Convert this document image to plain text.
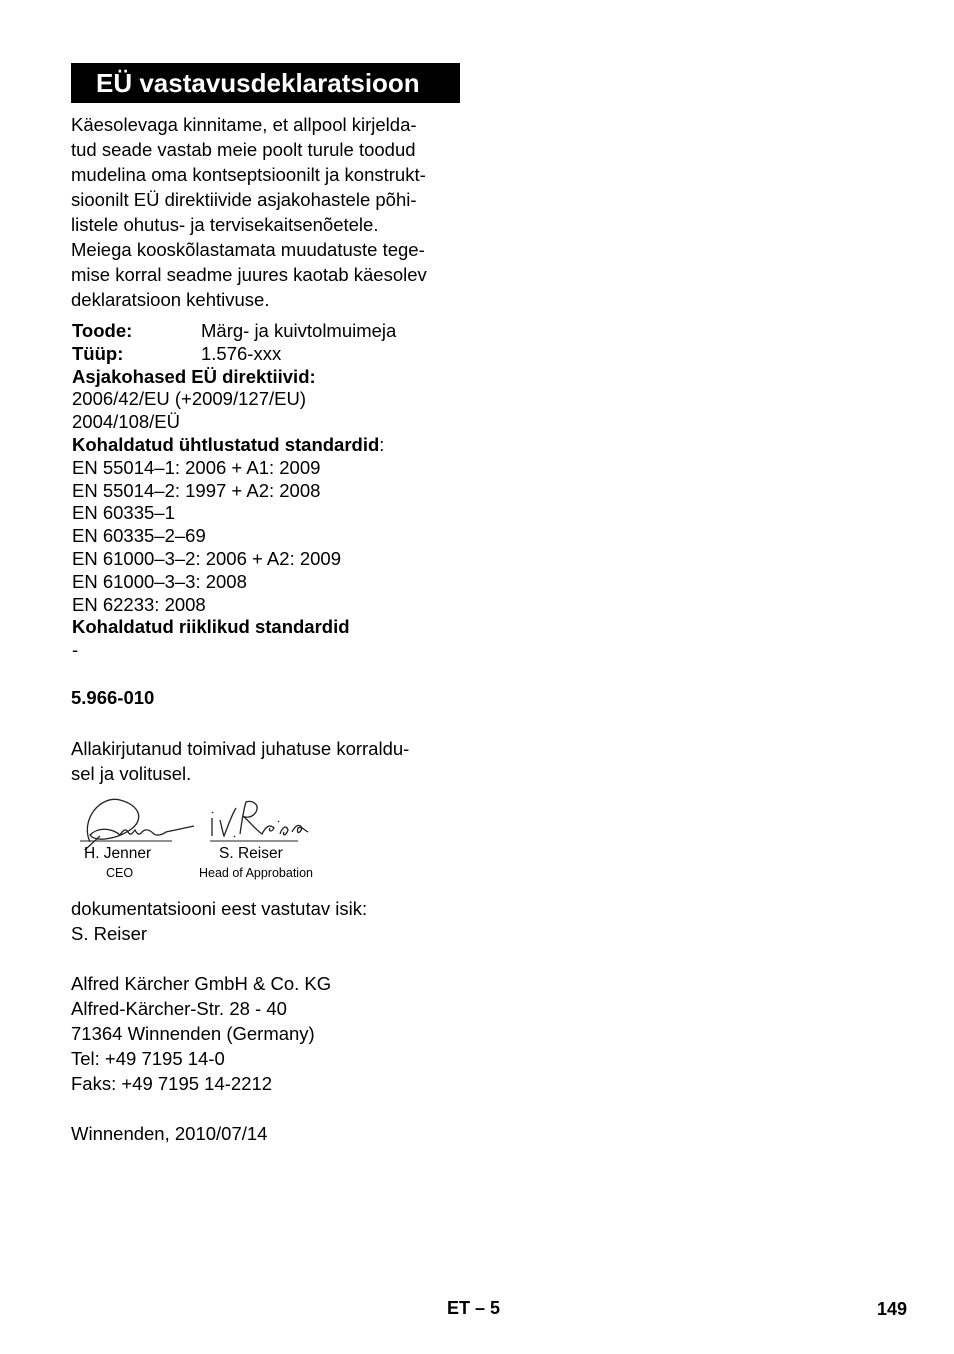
EÜ vastavusdeklaratsioon
Käesolevaga kinnitame, et allpool kirjelda-
tud seade vastab meie poolt turule toodud
mudelina oma kontseptsioonilt ja konstrukt-
sioonilt EÜ direktiivide asjakohastele põhi-
listele ohutus- ja tervisekaitsenõetele.
Meiega kooskõlastamata muudatuste tege-
mise korral seadme juures kaotab käesolev
deklaratsioon kehtivuse.
Toode:	Märg- ja kuivtolmuimeja
Tüüp:	1.576-xxx
Asjakohased EÜ direktiivid:
2006/42/EU (+2009/127/EU)
2004/108/EÜ
Kohaldatud ühtlustatud standardid:
EN 55014–1: 2006 + A1: 2009
EN 55014–2: 1997 + A2: 2008
EN 60335–1
EN 60335–2–69
EN 61000–3–2: 2006 + A2: 2009
EN 61000–3–3: 2008
EN 62233: 2008
Kohaldatud riiklikud standardid
-
5.966-010
Allakirjutanud toimivad juhatuse korraldu-
sel ja volitusel.
H. Jenner
CEO
S. Reiser
Head of Approbation
dokumentatsiooni eest vastutav isik:
S. Reiser
Alfred Kärcher GmbH & Co. KG
Alfred-Kärcher-Str. 28 - 40
71364 Winnenden (Germany)
Tel: +49 7195 14-0
Faks: +49 7195 14-2212
Winnenden, 2010/07/14
ET – 5	149
